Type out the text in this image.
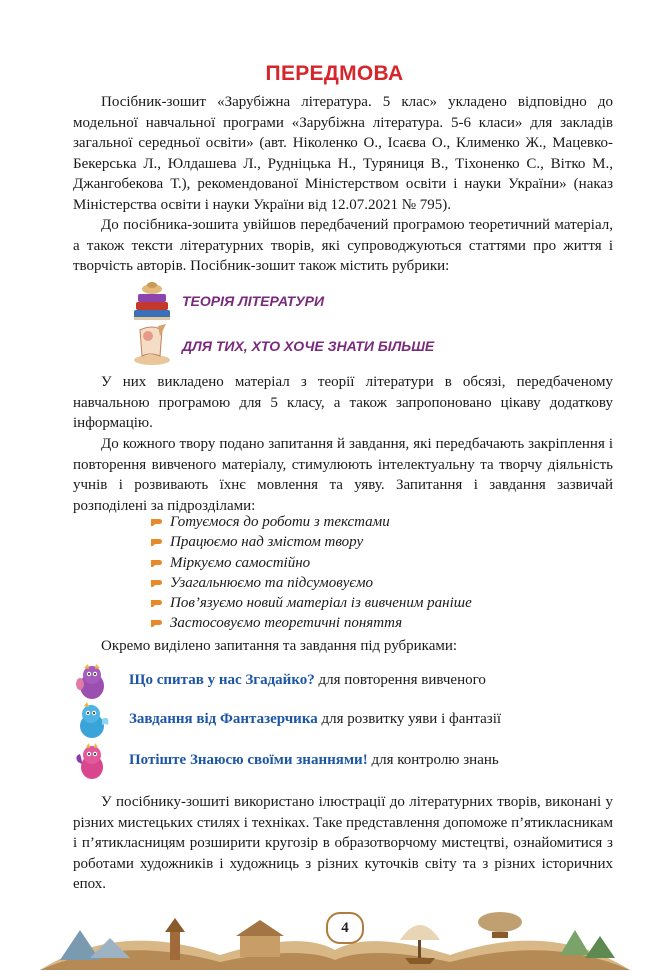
ПЕРЕДМОВА

Посібник-зошит «Зарубіжна література. 5 клас» укладено відповідно до модельної навчальної програми «Зарубіжна література. 5-6 класи» для закладів загальної середньої освіти» (авт. Ніколенко О., Ісаєва О., Клименко Ж., Мацевко-Бекерська Л., Юлдашева Л., Рудніцька Н., Туряниця В., Тіхоненко С., Вітко М., Джангобекова Т.), рекомендованої Міністерством освіти і науки України» (наказ Міністерства освіти і науки України від 12.07.2021 № 795).

До посібника-зошита увійшов передбачений програмою теоретичний матеріал, а також тексти літературних творів, які супроводжуються статтями про життя і творчість авторів. Посібник-зошит також містить рубрики:

ТЕОРІЯ ЛІТЕРАТУРИ
ДЛЯ ТИХ, ХТО ХОЧЕ ЗНАТИ БІЛЬШЕ

У них викладено матеріал з теорії літератури в обсязі, передбаченому навчальною програмою для 5 класу, а також запропоновано цікаву додаткову інформацію.

До кожного твору подано запитання й завдання, які передбачають закріплення і повторення вивченого матеріалу, стимулюють інтелектуальну та творчу діяльність учнів і розвивають їхнє мовлення та уяву. Запитання і завдання зазвичай розподілені за підрозділами:

Готуємося до роботи з текстами
Працюємо над змістом твору
Міркуємо самостійно
Узагальнюємо та підсумовуємо
Пов’язуємо новий матеріал із вивченим раніше
Застосовуємо теоретичні поняття

Окремо виділено запитання та завдання під рубриками:

Що спитав у нас Згадайко? для повторення вивченого
Завдання від Фантазерчика для розвитку уяви і фантазії
Потіште Знаюсю своїми знаннями! для контролю знань

У посібнику-зошиті використано ілюстрації до літературних творів, виконані у різних мистецьких стилях і техніках. Таке представлення допоможе п’ятикласникам і п’ятикласницям розширити кругозір в образотворчому мистецтві, ознайомитися з роботами художників і художниць з різних куточків світу та з різних історичних епох.

4
